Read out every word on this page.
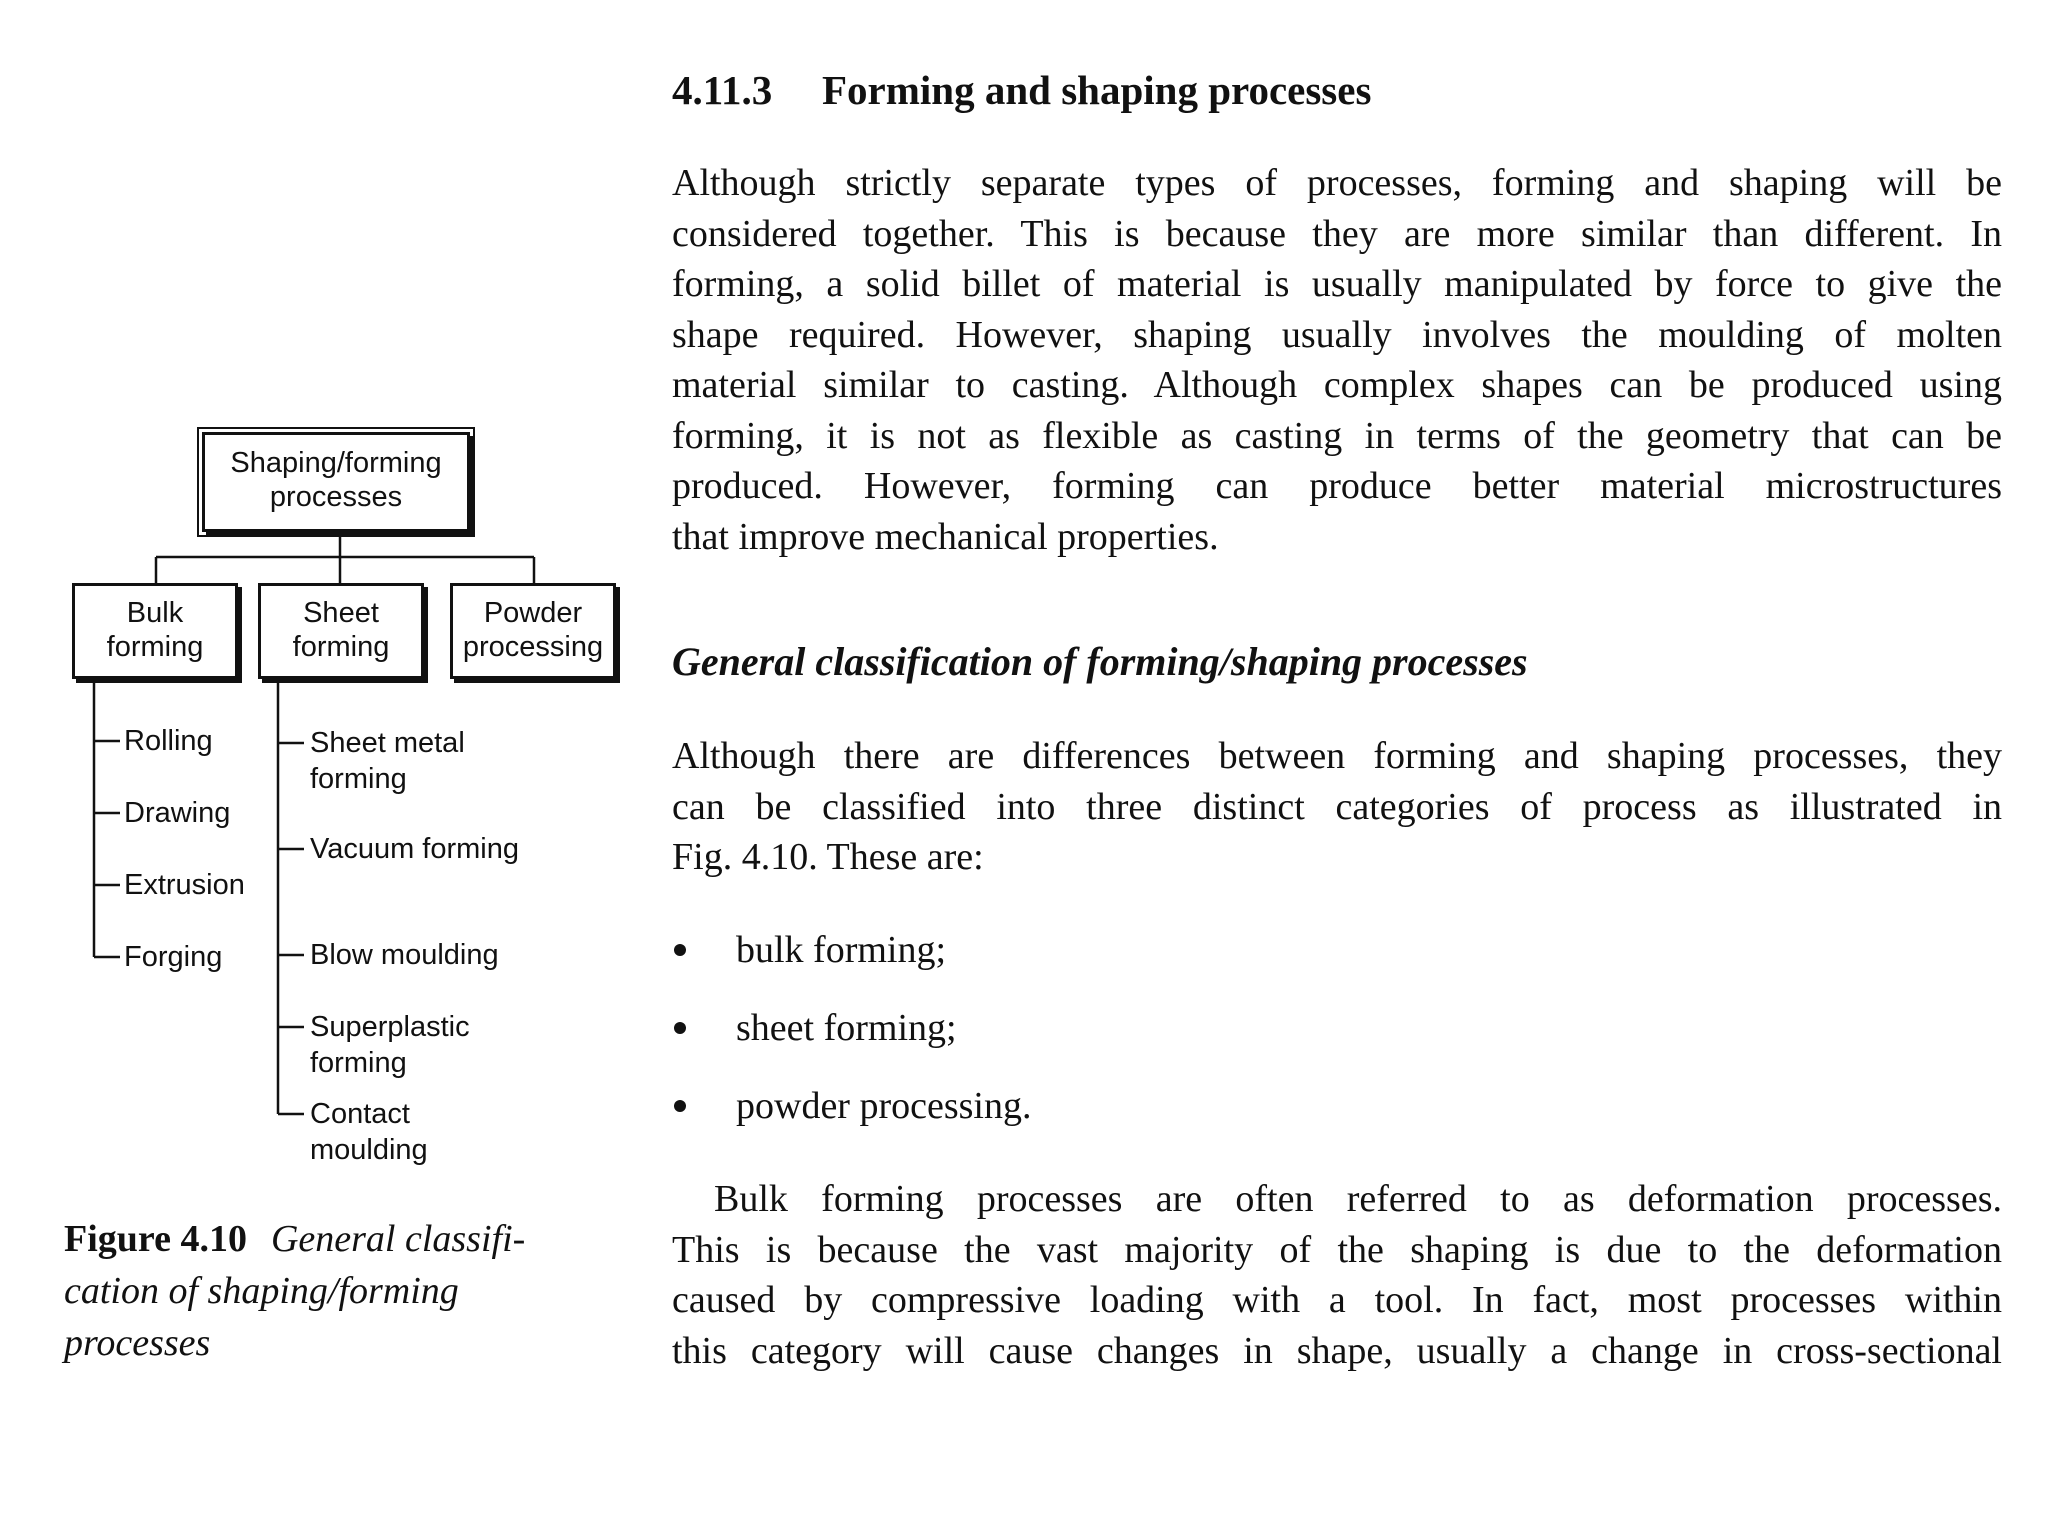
4.11.3 Forming and shaping processes
Although strictly separate types of processes, forming and shaping will be
considered together. This is because they are more similar than different. In
forming, a solid billet of material is usually manipulated by force to give the
shape required. However, shaping usually involves the moulding of molten
material similar to casting. Although complex shapes can be produced using
forming, it is not as flexible as casting in terms of the geometry that can be
produced. However, forming can produce better material microstructures
that improve mechanical properties.
General classification of forming/shaping processes
Although there are differences between forming and shaping processes, they
can be classified into three distinct categories of process as illustrated in
Fig. 4.10. These are:
bulk forming;
sheet forming;
powder processing.
Bulk forming processes are often referred to as deformation processes.
This is because the vast majority of the shaping is due to the deformation
caused by compressive loading with a tool. In fact, most processes within
this category will cause changes in shape, usually a change in cross-sectional
Shaping/forming
processes
Bulk
forming
Sheet
forming
Powder
processing
Rolling
Drawing
Extrusion
Forging
Sheet metal
forming
Vacuum forming
Blow moulding
Superplastic
forming
Contact
moulding
Figure 4.10 General classifi-
cation of shaping/forming
processes
